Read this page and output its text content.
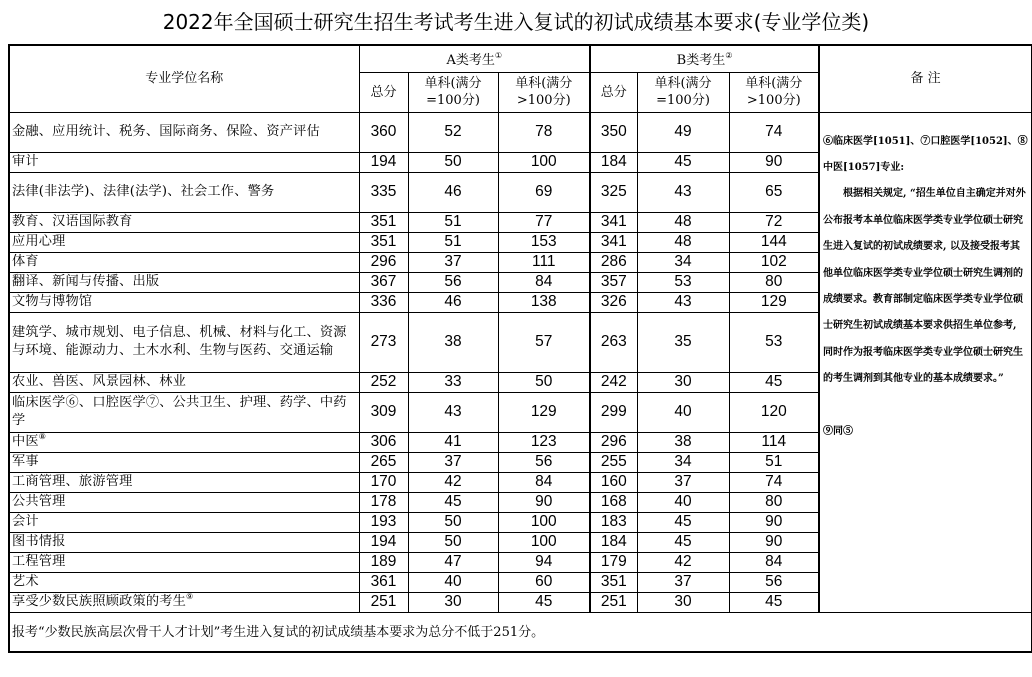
2022年全国硕士研究生招生考试考生进入复试的初试成绩基本要求(专业学位类)
专业学位名称	A类考生①			B类考生②			备 注
	总分	单科(满分=100分)	单科(满分>100分)	总分	单科(满分=100分)	单科(满分>100分)	
金融、应用统计、税务、国际商务、保险、资产评估	360	52	78	350	49	74	⑥临床医学[1051]、⑦口腔医学[1052]、⑧中医[1057]专业:
根据相关规定, “招生单位自主确定并对外公布报考本单位临床医学类专业学位硕士研究生进入复试的初试成绩要求, 以及接受报考其他单位临床医学类专业学位硕士研究生调剂的成绩要求。教育部制定临床医学类专业学位硕士研究生初试成绩基本要求供招生单位参考, 同时作为报考临床医学类专业学位硕士研究生的考生调剂到其他专业的基本成绩要求。”
⑨同⑤

审计	194	50	100	184	45	90	
法律(非法学)、法律(法学)、社会工作、警务	335	46	69	325	43	65	
教育、汉语国际教育	351	51	77	341	48	72	
应用心理	351	51	153	341	48	144	
体育	296	37	111	286	34	102	
翻译、新闻与传播、出版	367	56	84	357	53	80	
文物与博物馆	336	46	138	326	43	129	
建筑学、城市规划、电子信息、机械、材料与化工、资源与环境、能源动力、土木水利、生物与医药、交通运输	273	38	57	263	35	53	
农业、兽医、风景园林、林业	252	33	50	242	30	45	
临床医学⑥、口腔医学⑦、公共卫生、护理、药学、中药学	309	43	129	299	40	120	
中医⑧	306	41	123	296	38	114	
军事	265	37	56	255	34	51	
工商管理、旅游管理	170	42	84	160	37	74	
公共管理	178	45	90	168	40	80	
会计	193	50	100	183	45	90	
图书情报	194	50	100	184	45	90	
工程管理	189	47	94	179	42	84	
艺术	361	40	60	351	37	56	
享受少数民族照顾政策的考生⑨	251	30	45	251	30	45	
报考“少数民族高层次骨干人才计划”考生进入复试的初试成绩基本要求为总分不低于251分。							
